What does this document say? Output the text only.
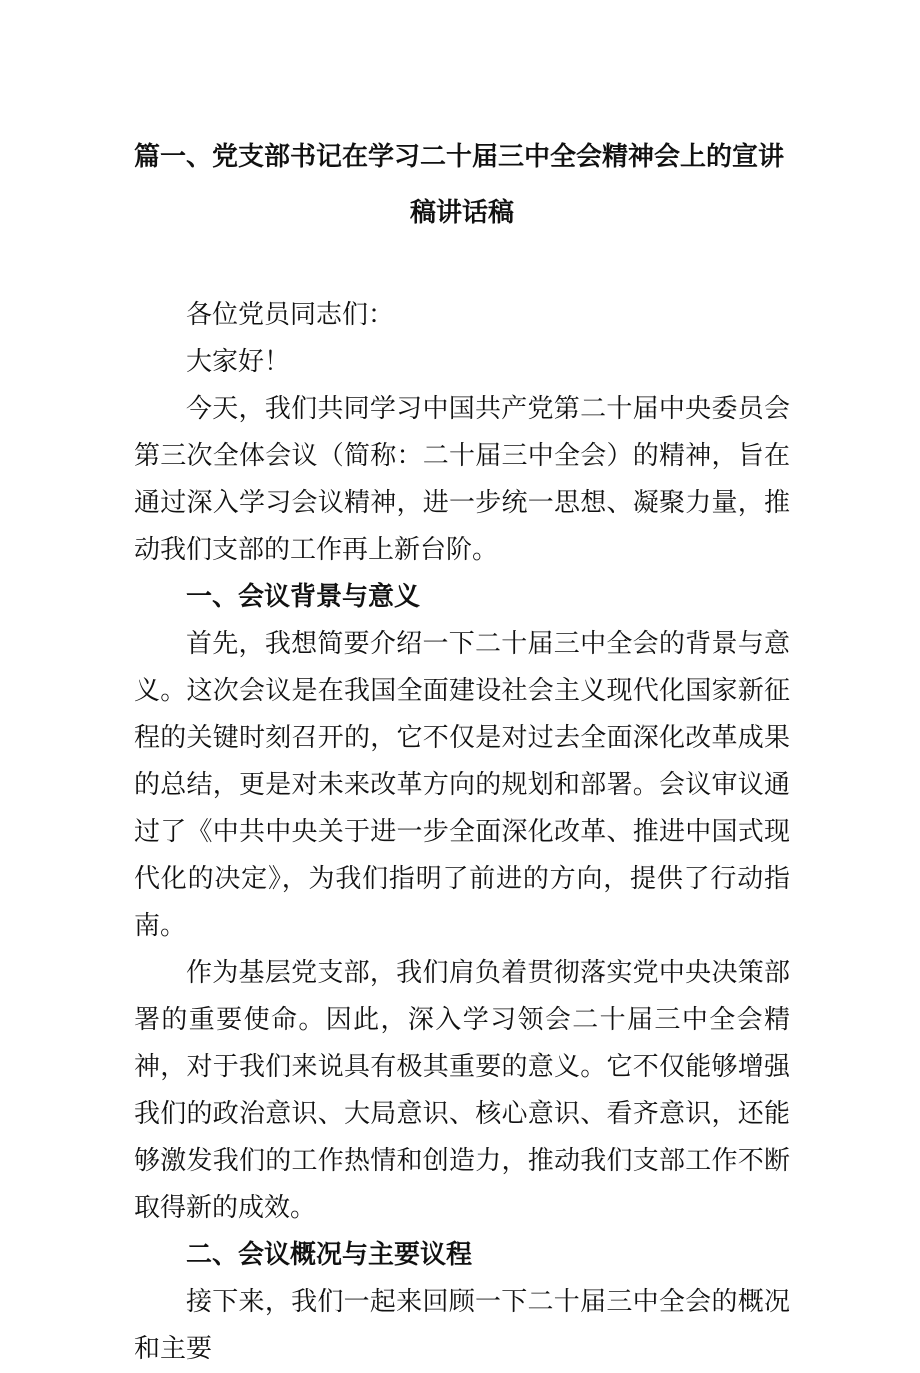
篇一、党支部书记在学习二十届三中全会精神会上的宣讲
稿讲话稿

各位党员同志们：

大家好！

今天，我们共同学习中国共产党第二十届中央委员会第三次全体会议（简称：二十届三中全会）的精神，旨在通过深入学习会议精神，进一步统一思想、凝聚力量，推动我们支部的工作再上新台阶。

一、会议背景与意义

首先，我想简要介绍一下二十届三中全会的背景与意义。这次会议是在我国全面建设社会主义现代化国家新征程的关键时刻召开的，它不仅是对过去全面深化改革成果的总结，更是对未来改革方向的规划和部署。会议审议通过了《中共中央关于进一步全面深化改革、推进中国式现代化的决定》，为我们指明了前进的方向，提供了行动指南。

作为基层党支部，我们肩负着贯彻落实党中央决策部署的重要使命。因此，深入学习领会二十届三中全会精神，对于我们来说具有极其重要的意义。它不仅能够增强我们的政治意识、大局意识、核心意识、看齐意识，还能够激发我们的工作热情和创造力，推动我们支部工作不断取得新的成效。

二、会议概况与主要议程

接下来，我们一起来回顾一下二十届三中全会的概况和主要
